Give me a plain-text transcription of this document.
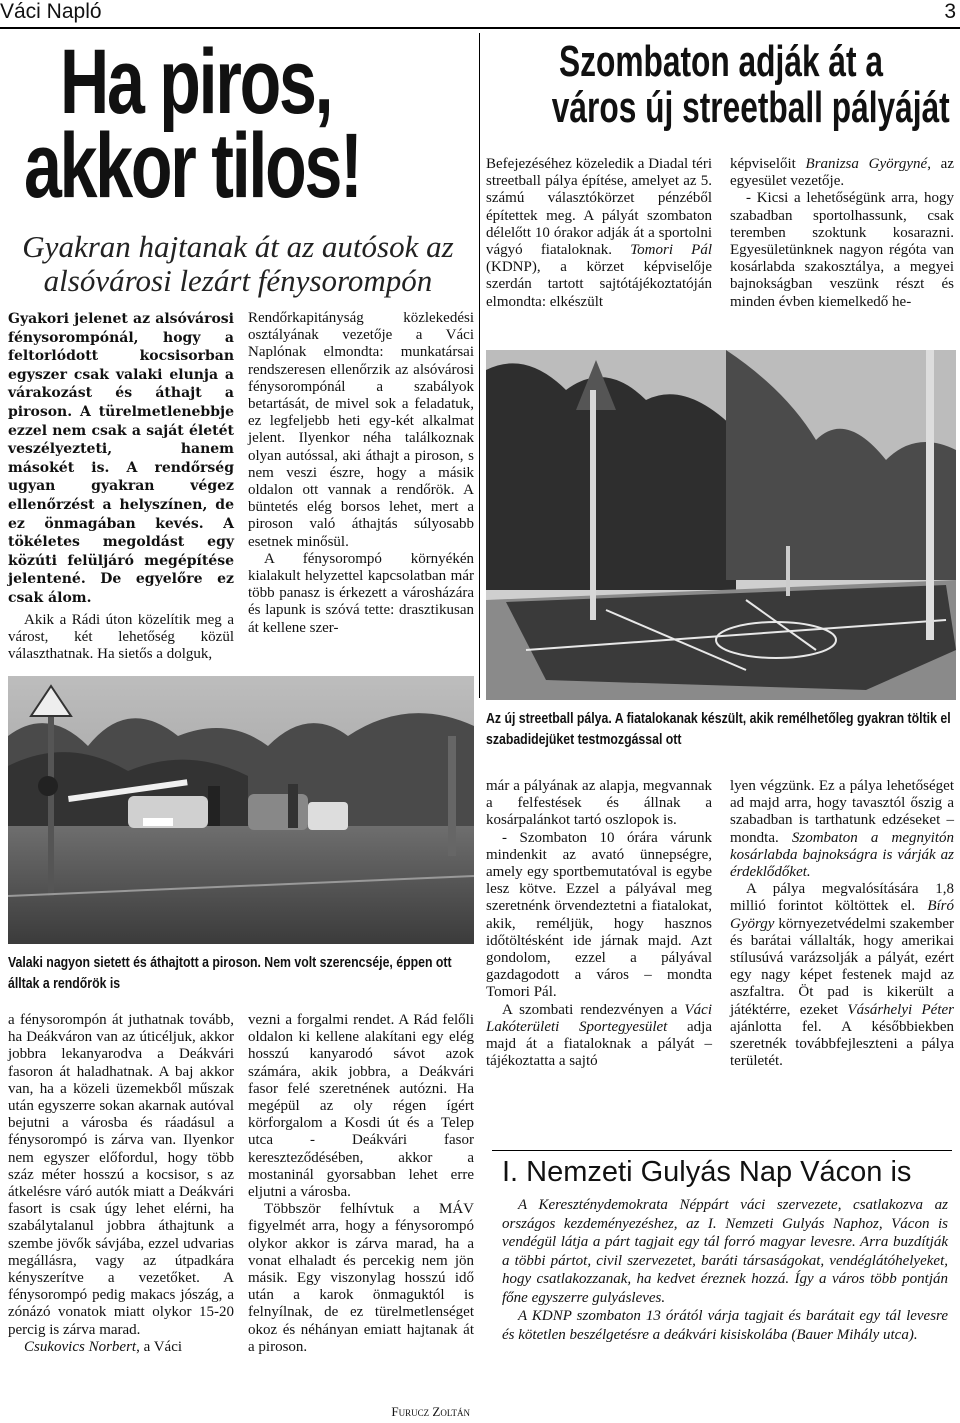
Váci Napló	3
Ha piros,
akkor tilos!
Gyakran hajtanak át az autósok az
alsóvárosi lezárt fénysorompón
Gyakori jelenet az alsóvárosi fénysorompónál, hogy a feltorlódott kocsisorban egyszer csak valaki elunja a várakozást és áthajt a piroson. A türelmetlenebbje ezzel nem csak a saját életét veszélyezteti, hanem másokét is. A rendőrség ugyan gyakran végez ellenőrzést a helyszínen, de ez önmagában kevés. A tökéletes megoldást egy közúti felüljáró megépítése jelentené. De egyelőre ez csak álom.

Akik a Rádi úton közelítik meg a várost, két lehetőség közül választhatnak. Ha sietős a dolguk,

Rendőrkapitányság közlekedési osztályának vezetője a Váci Naplónak elmondta: munkatársai rendszeresen ellenőrzik az alsóvárosi fénysorompónál a szabályok betartását, de mivel sok a feladatuk, ez legfeljebb heti egy-két alkalmat jelent. Ilyenkor néha találkoznak olyan autóssal, aki áthajt a piroson, s nem veszi észre, hogy a másik oldalon ott vannak a rendőrök. A büntetés elég borsos lehet, mert a piroson való áthajtás súlyosabb esetnek minősül.

A fénysorompó környékén kialakult helyzettel kapcsolatban már több panasz is érkezett a városházára és lapunk is szóvá tette: drasztikusan át kellene szer-

Valaki nagyon sietett és áthajtott a piroson. Nem volt szerencséje, éppen ott álltak a rendőrök is

a fénysorompón át juthatnak tovább, ha Deákváron van az úticéljuk, akkor jobbra lekanyarodva a Deákvári fasoron át haladhatnak. A baj akkor van, ha a közeli üzemekből műszak után egyszerre sokan akarnak autóval bejutni a városba és ráadásul a fénysorompó is zárva van. Ilyenkor nem egyszer előfordul, hogy több száz méter hosszú a kocsisor, s az átkelésre váró autók miatt a Deákvári fasort is csak úgy lehet elérni, ha szabálytalanul jobbra áthajtunk a szembe jövők sávjába, ezzel udvarias megállásra, vagy az útpadkára kényszerítve a vezetőket. A fénysorompó pedig makacs jószág, a zónázó vonatok miatt olykor 15-20 percig is zárva marad.

Csukovics Norbert, a Váci

vezni a forgalmi rendet. A Rád felőli oldalon ki kellene alakítani egy elég hosszú kanyarodó sávot azok számára, akik jobbra, a Deákvári fasor felé szeretnének autózni. Ha megépül az oly régen ígért körforgalom a Kosdi út és a Telep utca - Deákvári fasor kereszteződésében, akkor a mostaninál gyorsabban lehet erre eljutni a városba.

Többször felhívtuk a MÁV figyelmét arra, hogy a fénysorompó olykor akkor is zárva marad, ha a vonat elhaladt és percekig nem jön másik. Egy viszonylag hosszú idő után a karok önmaguktól is felnyílnak, de ez türelmetlenséget okoz és néhányan emiatt hajtanak át a piroson.

Furucz Zoltán
Szombaton adják át a
város új streetball pályáját

Befejezéséhez közeledik a Diadal téri streetball pálya építése, amelyet az 5. számú választókörzet pénzéből építettek meg. A pályát szombaton délelőtt 10 órakor adják át a sportolni vágyó fiataloknak. Tomori Pál (KDNP), a körzet képviselője szerdán tartott sajtótájékoztatóján elmondta: elkészült

képviselőit Branizsa Györgyné, az egyesület vezetője.

- Kicsi a lehetőségünk arra, hogy szabadban sportolhassunk, csak teremben szoktunk kosarazni. Egyesületünknek nagyon régóta van kosárlabda szakosztálya, a megyei bajnokságban veszünk részt és minden évben kiemelkedő he-

Az új streetball pálya. A fiatalokanak készült, akik remélhetőleg gyakran töltik el szabadidejüket testmozgással ott

már a pályának az alapja, megvannak a felfestések és állnak a kosárpalánkot tartó oszlopok is.

- Szombaton 10 órára várunk mindenkit az avató ünnepségre, amely egy sportbemutatóval is egybe lesz kötve. Ezzel a pályával meg szeretnénk örvendeztetni a fiatalokat, akik, reméljük, hogy hasznos időtöltésként ide járnak majd. Azt gondolom, ezzel a pályával gazdagodott a város – mondta Tomori Pál.

A szombati rendezvényen a Váci Lakóterületi Sportegyesület adja majd át a fiataloknak a pályát – tájékoztatta a sajtó

lyen végzünk. Ez a pálya lehetőséget ad majd arra, hogy tavasztól őszig a szabadban is tarthatunk edzéseket – mondta. Szombaton a megnyitón kosárlabda bajnokságra is várják az érdeklődőket.

A pálya megvalósítására 1,8 millió forintot költöttek el. Bíró György környezetvédelmi szakember és barátai vállalták, hogy amerikai stílusúvá varázsolják a pályát, ezért egy nagy képet festenek majd az aszfaltra. Öt pad is kikerült a játéktérre, ezeket Vásárhelyi Péter ajánlotta fel. A későbbiekben szeretnék továbbfejleszteni a pálya területét.

I. Nemzeti Gulyás Nap Vácon is

A Kereszténydemokrata Néppárt váci szervezete, csatlakozva az országos kezdeményezéshez, az I. Nemzeti Gulyás Naphoz, Vácon is vendégül látja a párt tagjait egy tál forró magyar levesre. Arra buzdítják a többi pártot, civil szervezetet, baráti társaságokat, vendéglátóhelyeket, hogy csatlakozzanak, ha kedvet éreznek hozzá. Így a város több pontján főne egyszerre gulyásleves.

A KDNP szombaton 13 órától várja tagjait és barátait egy tál levesre és kötetlen beszélgetésre a deákvári kisiskolába (Bauer Mihály utca).
